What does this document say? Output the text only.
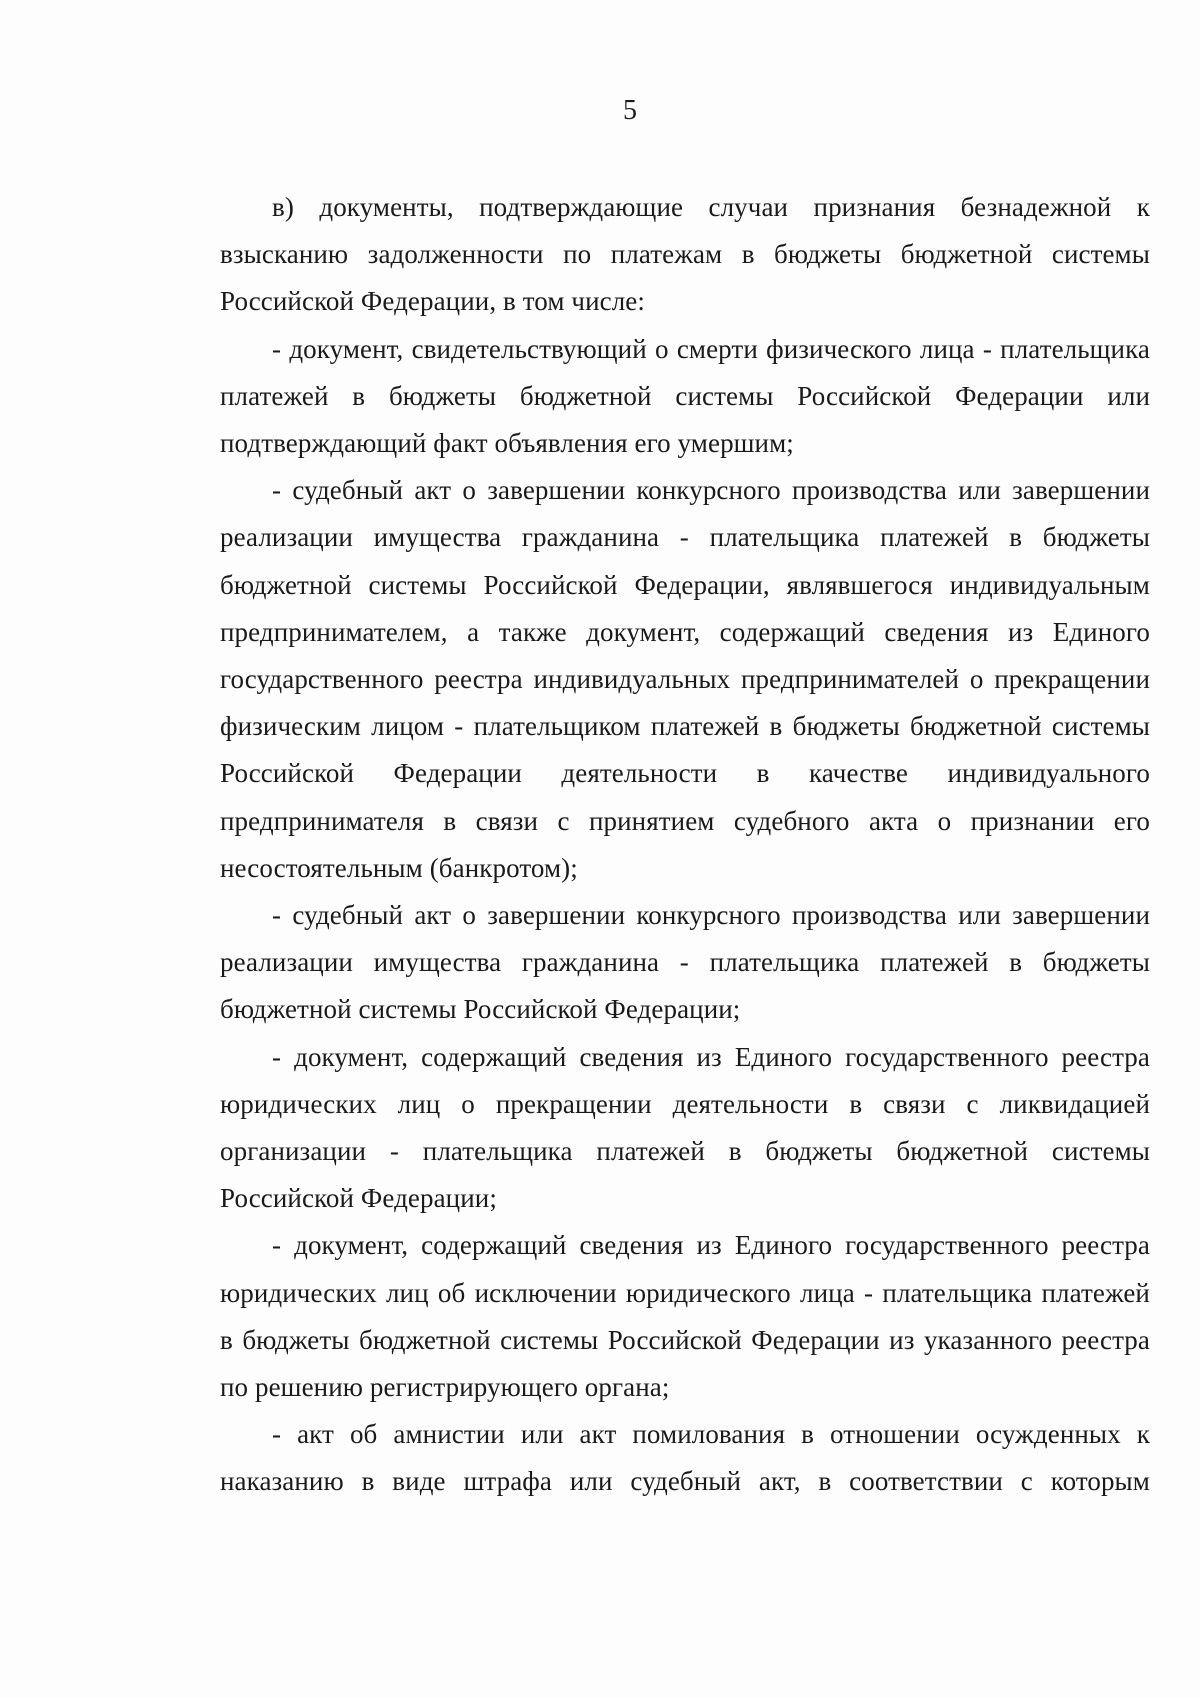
5

в) документы, подтверждающие случаи признания безнадежной к взысканию задолженности по платежам в бюджеты бюджетной системы Российской Федерации, в том числе:

- документ, свидетельствующий о смерти физического лица - плательщика платежей в бюджеты бюджетной системы Российской Федерации или подтверждающий факт объявления его умершим;

- судебный акт о завершении конкурсного производства или завершении реализации имущества гражданина - плательщика платежей в бюджеты бюджетной системы Российской Федерации, являвшегося индивидуальным предпринимателем, а также документ, содержащий сведения из Единого государственного реестра индивидуальных предпринимателей о прекращении физическим лицом - плательщиком платежей в бюджеты бюджетной системы Российской Федерации деятельности в качестве индивидуального предпринимателя в связи с принятием судебного акта о признании его несостоятельным (банкротом);

- судебный акт о завершении конкурсного производства или завершении реализации имущества гражданина - плательщика платежей в бюджеты бюджетной системы Российской Федерации;

- документ, содержащий сведения из Единого государственного реестра юридических лиц о прекращении деятельности в связи с ликвидацией организации - плательщика платежей в бюджеты бюджетной системы Российской Федерации;

- документ, содержащий сведения из Единого государственного реестра юридических лиц об исключении юридического лица - плательщика платежей в бюджеты бюджетной системы Российской Федерации из указанного реестра по решению регистрирующего органа;

- акт об амнистии или акт помилования в отношении осужденных к наказанию в виде штрафа или судебный акт, в соответствии с которым
